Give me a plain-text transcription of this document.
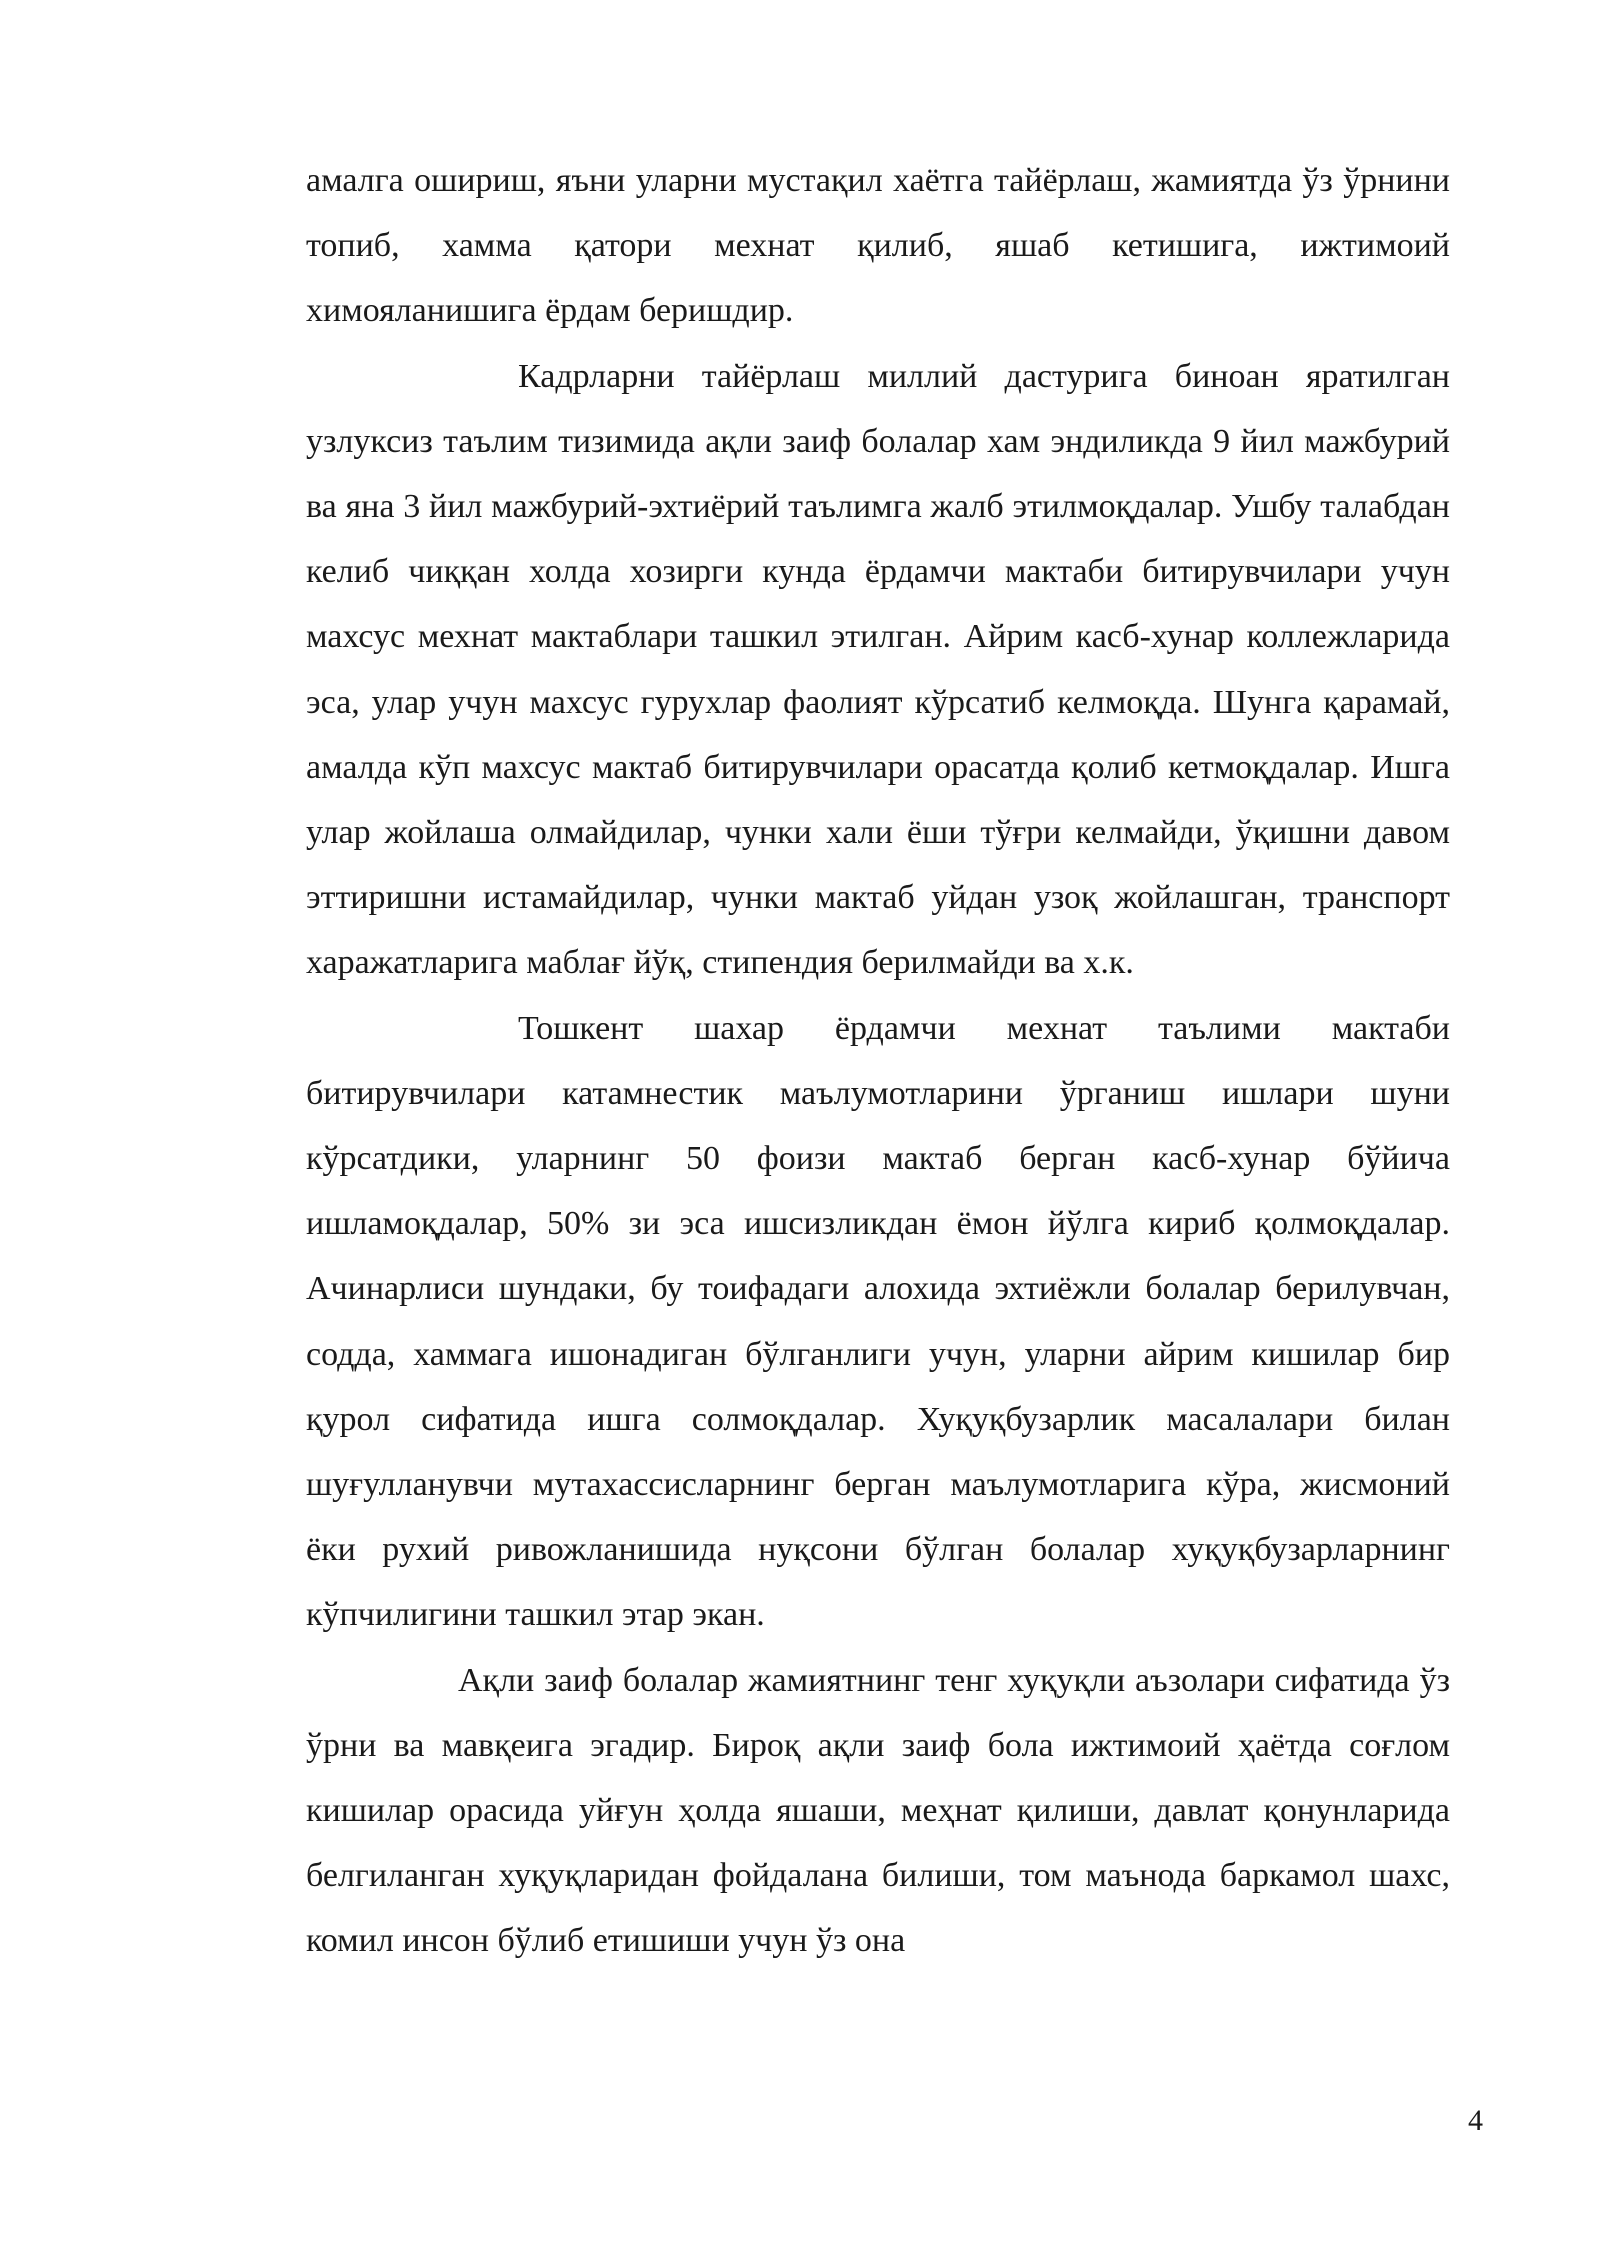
амалга ошириш, яъни уларни мустақил хаётга тайёрлаш, жамиятда ўз ўрнини топиб, хамма қатори мехнат қилиб, яшаб кетишига, ижтимоий химояланишига ёрдам беришдир.

Кадрларни тайёрлаш миллий дастурига биноан яратилган узлуксиз таълим тизимида ақли заиф болалар хам эндиликда 9 йил мажбурий ва яна 3 йил мажбурий-эхтиёрий таълимга жалб этилмоқдалар. Ушбу талабдан келиб чиққан холда хозирги кунда ёрдамчи мактаби битирувчилари учун махсус мехнат мактаблари ташкил этилган. Айрим касб-хунар коллежларида эса, улар учун махсус гурухлар фаолият кўрсатиб келмоқда. Шунга қарамай, амалда кўп махсус мактаб битирувчилари орасатда қолиб кетмоқдалар. Ишга улар жойлаша олмайдилар, чунки хали ёши тўғри келмайди, ўқишни давом эттиришни истамайдилар, чунки мактаб уйдан узоқ жойлашган, транспорт харажатларига маблағ йўқ, стипендия берилмайди ва х.к.

Тошкент шахар ёрдамчи мехнат таълими мактаби битирувчилари катамнестик маълумотларини ўрганиш ишлари шуни кўрсатдики, уларнинг 50 фоизи мактаб берган касб-хунар бўйича ишламоқдалар, 50% зи эса ишсизликдан ёмон йўлга кириб қолмоқдалар. Ачинарлиси шундаки, бу тоифадаги алохида эхтиёжли болалар берилувчан, содда, хаммага ишонадиган бўлганлиги учун, уларни айрим кишилар бир қурол сифатида ишга солмоқдалар. Хуқуқбузарлик масалалари билан шуғулланувчи мутахассисларнинг берган маълумотларига кўра, жисмоний ёки рухий ривожланишида нуқсони бўлган болалар хуқуқбузарларнинг кўпчилигини ташкил этар экан.

Ақли заиф болалар жамиятнинг тенг хуқуқли аъзолари сифатида ўз ўрни ва мавқеига эгадир. Бироқ ақли заиф бола ижтимоий ҳаётда соғлом кишилар орасида уйғун ҳолда яшаши, меҳнат қилиши, давлат қонунларида белгиланган хуқуқларидан фойдалана билиши, том маънода баркамол шахс, комил инсон бўлиб етишиши учун ўз она

4
